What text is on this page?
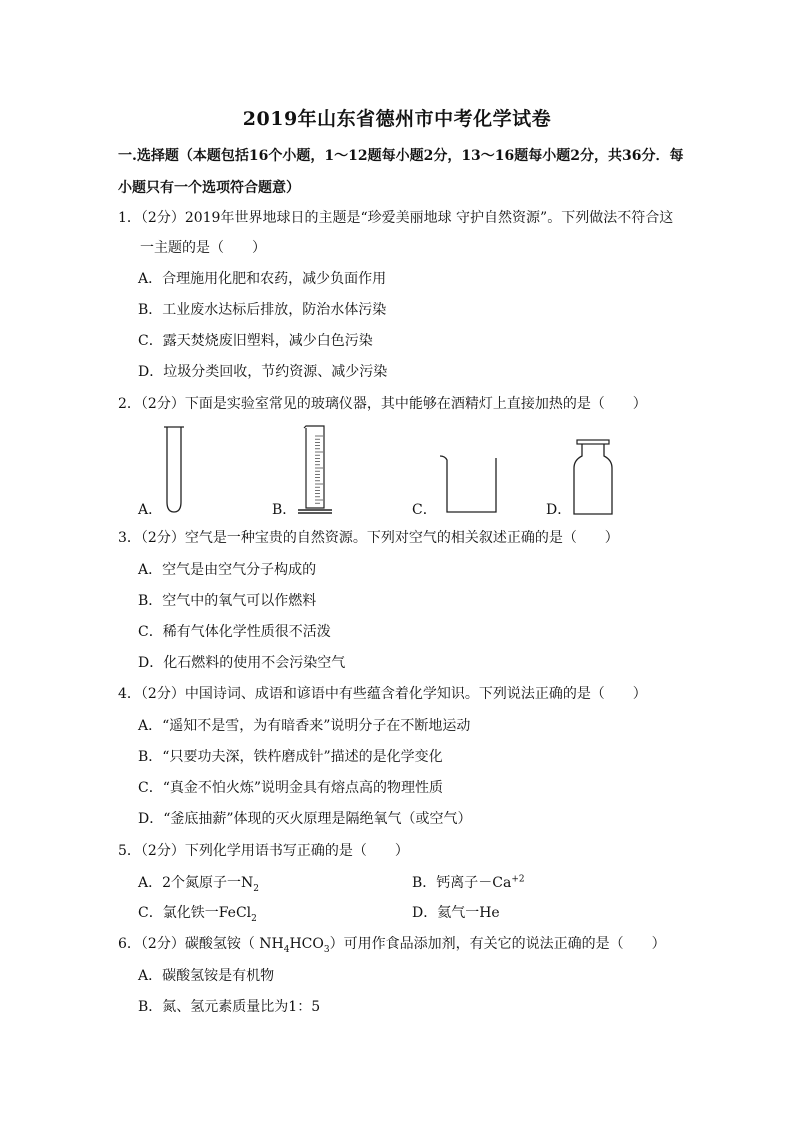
2019年山东省德州市中考化学试卷
一.选择题（本题包括16个小题，1～12题每小题2分，13～16题每小题2分，共36分．每
小题只有一个选项符合题意）
1．（2分）2019年世界地球日的主题是“珍爱美丽地球 守护自然资源”。下列做法不符合这
一主题的是（　　）
A．合理施用化肥和农药，减少负面作用
B．工业废水达标后排放，防治水体污染
C．露天焚烧废旧塑料，减少白色污染
D．垃圾分类回收，节约资源、减少污染
2．（2分）下面是实验室常见的玻璃仪器，其中能够在酒精灯上直接加热的是（　　）
A．	B．	C．	D．
3．（2分）空气是一种宝贵的自然资源。下列对空气的相关叙述正确的是（　　）
A．空气是由空气分子构成的
B．空气中的氧气可以作燃料
C．稀有气体化学性质很不活泼
D．化石燃料的使用不会污染空气
4．（2分）中国诗词、成语和谚语中有些蕴含着化学知识。下列说法正确的是（　　）
A．“遥知不是雪，为有暗香来”说明分子在不断地运动
B．“只要功夫深，铁杵磨成针”描述的是化学变化
C．“真金不怕火炼”说明金具有熔点高的物理性质
D．“釜底抽薪”体现的灭火原理是隔绝氧气（或空气）
5．（2分）下列化学用语书写正确的是（　　）
A．2个氮原子一$N_2$	B．钙离子$-Ca^{+2}$
C．氯化铁一FeCl$_2$	D．氦气一He
6．（2分）碳酸氢铵（ $NH_4HCO_3$）可用作食品添加剂，有关它的说法正确的是（　　）
A．碳酸氢铵是有机物
B．氮、氢元素质量比为1：5
